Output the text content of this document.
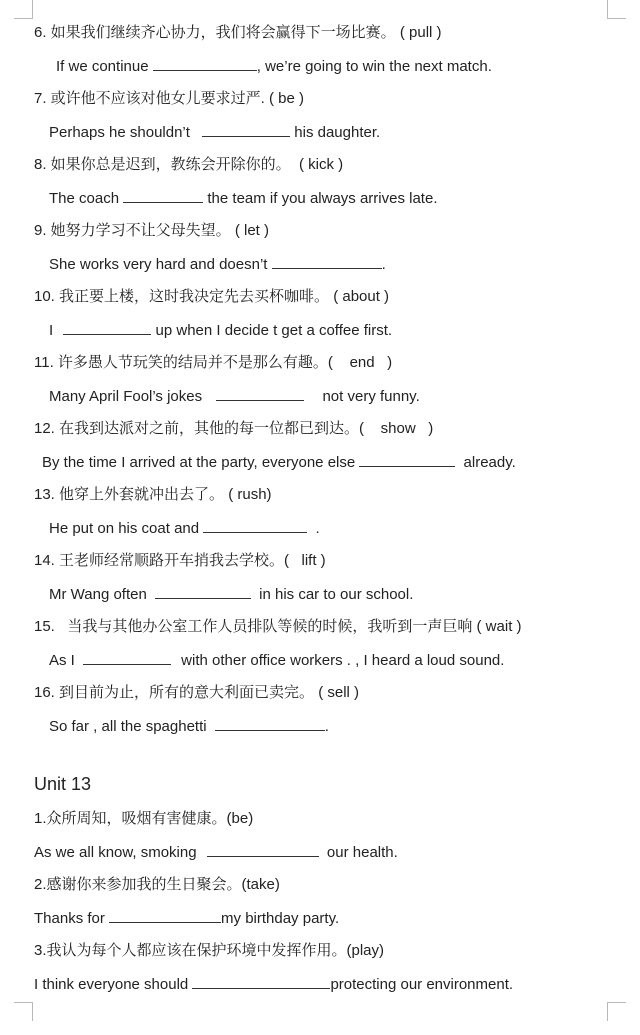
6. 如果我们继续齐心协力，我们将会赢得下一场比赛。 ( pull )
If we continue	, we’re going to win the next match.
7. 或许他不应该对他女儿要求过严. ( be )
Perhaps he shouldn’t	his daughter.
8. 如果你总是迟到，教练会开除你的。  ( kick )
The coach	the team if you always arrives late.
9. 她努力学习不让父母失望。 ( let )
She works very hard and doesn’t	.
10. 我正要上楼，这时我决定先去买杯咖啡。 ( about )
I	up when I decide t get a coffee first.
11. 许多愚人节玩笑的结局并不是那么有趣。(    end   )
Many April Fool’s jokes	not very funny.
12. 在我到达派对之前，其他的每一位都已到达。(    show   )
By the time I arrived at the party, everyone else	already.
13. 他穿上外套就冲出去了。 ( rush)
He put on his coat and	.
14. 王老师经常顺路开车捎我去学校。(   lift )
Mr Wang often	in his car to our school.
15.   当我与其他办公室工作人员排队等候的时候，我听到一声巨响 ( wait )
As I	with other office workers . , I heard a loud sound.
16. 到目前为止，所有的意大利面已卖完。 ( sell )
So far , all the spaghetti	.
Unit 13
1.众所周知，吸烟有害健康。(be)
As we all know, smoking	our health.
2.感谢你来参加我的生日聚会。(take)
Thanks for	my birthday party.
3.我认为每个人都应该在保护环境中发挥作用。(play)
I think everyone should	protecting our environment.
